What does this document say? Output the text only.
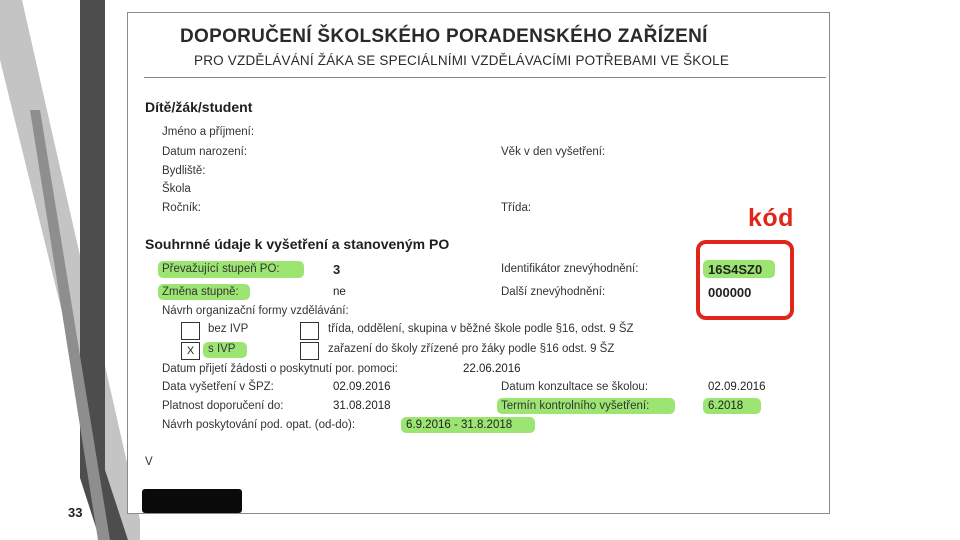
33
DOPORUČENÍ ŠKOLSKÉHO PORADENSKÉHO ZAŘÍZENÍ
PRO VZDĚLÁVÁNÍ ŽÁKA SE SPECIÁLNÍMI VZDĚLÁVACÍMI POTŘEBAMI VE ŠKOLE
Dítě/žák/student
Jméno a příjmení:
Datum narození:	Věk v den vyšetření:
Bydliště:
Škola
Ročník:	Třída:
Souhrnné údaje k vyšetření a stanoveným PO
Převažující stupeň PO:	3	Identifikátor znevýhodnění:	16S4SZ0
Změna stupně:	ne	Další znevýhodnění:	000000
Návrh organizační formy vzdělávání:
bez IVP	třída, oddělení, skupina v běžné škole podle §16, odst. 9 ŠZ
X	s IVP	zařazení do školy zřízené pro žáky podle §16 odst. 9 ŠZ
Datum přijetí žádosti o poskytnutí por. pomoci:	22.06.2016
Data vyšetření v ŠPZ:	02.09.2016	Datum konzultace se školou:	02.09.2016
Platnost doporučení do:	31.08.2018	Termín kontrolního vyšetření:	6.2018
Návrh poskytování pod. opat. (od-do):	6.9.2016 - 31.8.2018
V
kód
